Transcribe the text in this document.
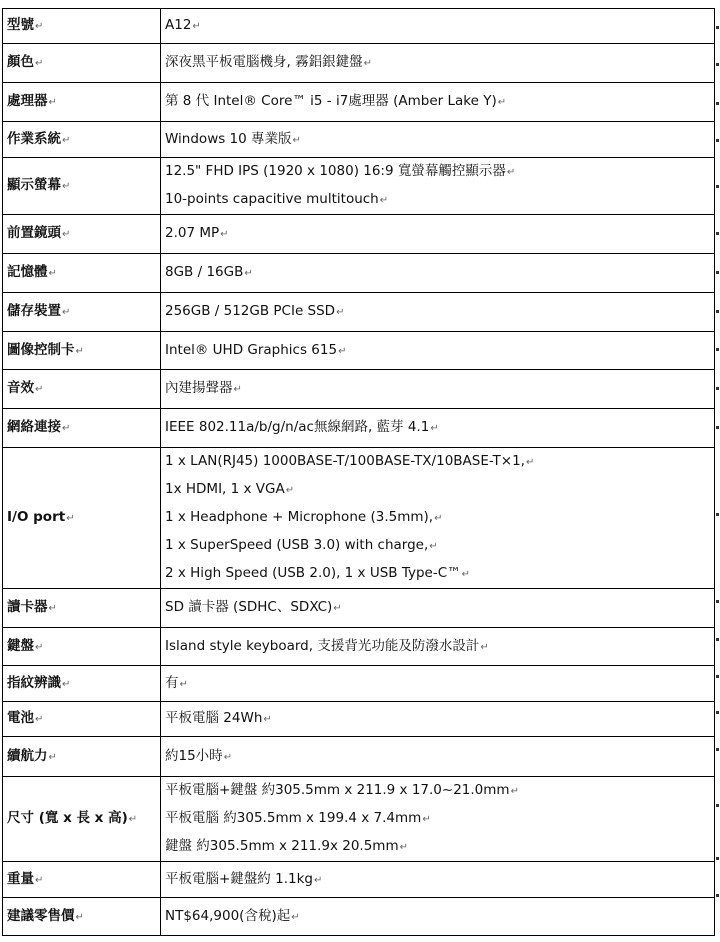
型號↵	A12↵

顏色↵	深夜黑平板電腦機身, 霧鋁銀鍵盤↵

處理器↵	第 8 代 Intel® Core™ i5 - i7處理器 (Amber Lake Y)↵

作業系統↵	Windows 10 專業版↵

顯示螢幕↵	12.5" FHD IPS (1920 x 1080) 16:9 寬螢幕觸控顯示器↵
10-points capacitive multitouch↵

前置鏡頭↵	2.07 MP↵

記憶體↵	8GB / 16GB↵

儲存裝置↵	256GB / 512GB PCIe SSD↵

圖像控制卡↵	Intel® UHD Graphics 615↵

音效↵	內建揚聲器↵

網絡連接↵	IEEE 802.11a/b/g/n/ac無線網路, 藍芽 4.1↵

I/O port↵	1 x LAN(RJ45) 1000BASE-T/100BASE-TX/10BASE-T×1,↵
1x HDMI, 1 x VGA↵
1 x Headphone + Microphone (3.5mm),↵
1 x SuperSpeed (USB 3.0) with charge,↵
2 x High Speed (USB 2.0), 1 x USB Type-C™↵

讀卡器↵	SD 讀卡器 (SDHC、SDXC)↵

鍵盤↵	Island style keyboard, 支援背光功能及防潑水設計↵

指紋辨識↵	有↵

電池↵	平板電腦 24Wh↵

續航力↵	約15小時↵

尺寸 (寬 x 長 x 高)↵	平板電腦+鍵盤 約305.5mm x 211.9 x 17.0~21.0mm↵
平板電腦 約305.5mm x 199.4 x 7.4mm↵
鍵盤 約305.5mm x 211.9x 20.5mm↵

重量↵	平板電腦+鍵盤約 1.1kg↵

建議零售價↵	NT$64,900(含稅)起↵
